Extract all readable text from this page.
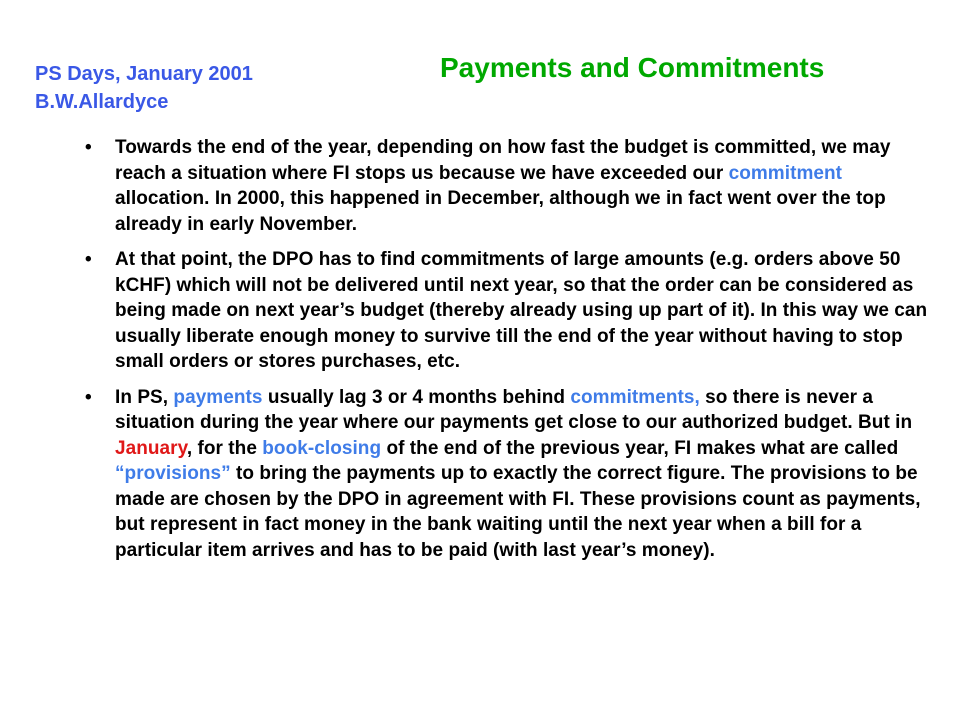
PS Days, January 2001
B.W.Allardyce
Payments and Commitments
• Towards the end of the year, depending on how fast the budget is committed, we may reach a situation where FI stops us because we have exceeded our commitment allocation. In 2000, this happened in December, although we in fact went over the top already in early November.
• At that point, the DPO has to find commitments of large amounts (e.g. orders above 50 kCHF) which will not be delivered until next year, so that the order can be considered as being made on next year’s budget (thereby already using up part of it). In this way we can usually liberate enough money to survive till the end of the year without having to stop small orders or stores purchases, etc.
• In PS, payments usually lag 3 or 4 months behind commitments, so there is never a situation during the year where our payments get close to our authorized budget. But in January, for the book-closing of the end of the previous year, FI makes what are called “provisions” to bring the payments up to exactly the correct figure. The provisions to be made are chosen by the DPO in agreement with FI. These provisions count as payments, but represent in fact money in the bank waiting until the next year when a bill for a particular item arrives and has to be paid (with last year’s money).
